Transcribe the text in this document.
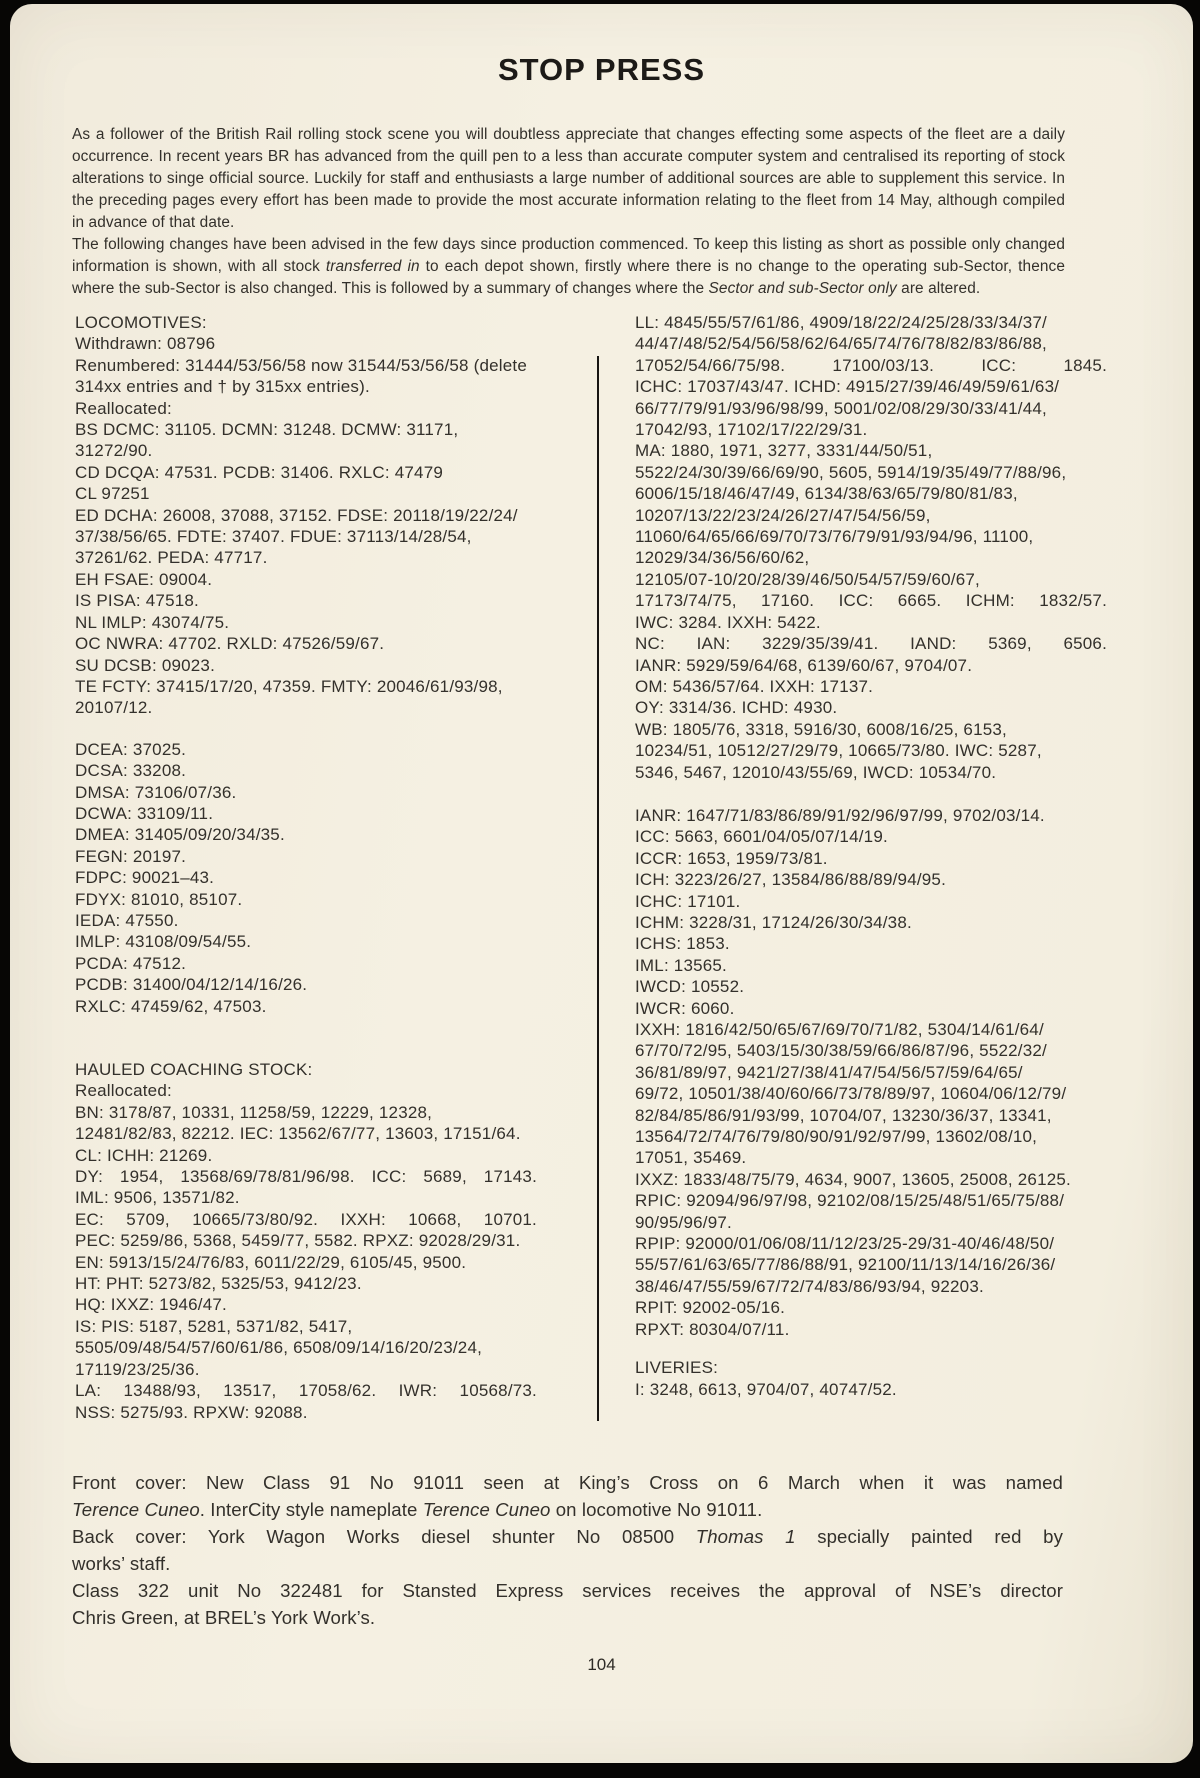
STOP PRESS

As a follower of the British Rail rolling stock scene you will doubtless appreciate that changes effecting some aspects of the fleet are a daily occurrence. In recent years BR has advanced from the quill pen to a less than accurate computer system and centralised its reporting of stock alterations to singe official source. Luckily for staff and enthusiasts a large number of additional sources are able to supplement this service. In the preceding pages every effort has been made to provide the most accurate information relating to the fleet from 14 May, although compiled in advance of that date.

The following changes have been advised in the few days since production commenced. To keep this listing as short as possible only changed information is shown, with all stock transferred in to each depot shown, firstly where there is no change to the operating sub-Sector, thence where the sub-Sector is also changed. This is followed by a summary of changes where the Sector and sub-Sector only are altered.

LOCOMOTIVES:
Withdrawn: 08796
Renumbered: 31444/53/56/58 now 31544/53/56/58 (delete
314xx entries and † by 315xx entries).
Reallocated:
BS DCMC: 31105. DCMN: 31248. DCMW: 31171,
31272/90.
CD DCQA: 47531. PCDB: 31406. RXLC: 47479
CL 97251
ED DCHA: 26008, 37088, 37152. FDSE: 20118/19/22/24/
37/38/56/65. FDTE: 37407. FDUE: 37113/14/28/54,
37261/62. PEDA: 47717.
EH FSAE: 09004.
IS PISA: 47518.
NL IMLP: 43074/75.
OC NWRA: 47702. RXLD: 47526/59/67.
SU DCSB: 09023.
TE FCTY: 37415/17/20, 47359. FMTY: 20046/61/93/98,
20107/12.
DCEA: 37025.
DCSA: 33208.
DMSA: 73106/07/36.
DCWA: 33109/11.
DMEA: 31405/09/20/34/35.
FEGN: 20197.
FDPC: 90021–43.
FDYX: 81010, 85107.
IEDA: 47550.
IMLP: 43108/09/54/55.
PCDA: 47512.
PCDB: 31400/04/12/14/16/26.
RXLC: 47459/62, 47503.
HAULED COACHING STOCK:
Reallocated:
BN: 3178/87, 10331, 11258/59, 12229, 12328,
12481/82/83, 82212. IEC: 13562/67/77, 13603, 17151/64.
CL: ICHH: 21269.
DY: 1954, 13568/69/78/81/96/98. ICC: 5689, 17143.
IML: 9506, 13571/82.
EC: 5709, 10665/73/80/92. IXXH: 10668, 10701.
PEC: 5259/86, 5368, 5459/77, 5582. RPXZ: 92028/29/31.
EN: 5913/15/24/76/83, 6011/22/29, 6105/45, 9500.
HT: PHT: 5273/82, 5325/53, 9412/23.
HQ: IXXZ: 1946/47.
IS: PIS: 5187, 5281, 5371/82, 5417,
5505/09/48/54/57/60/61/86, 6508/09/14/16/20/23/24,
17119/23/25/36.
LA: 13488/93, 13517, 17058/62. IWR: 10568/73.
NSS: 5275/93. RPXW: 92088.
LL: 4845/55/57/61/86, 4909/18/22/24/25/28/33/34/37/
44/47/48/52/54/56/58/62/64/65/74/76/78/82/83/86/88,
17052/54/66/75/98. 17100/03/13. ICC: 1845.
ICHC: 17037/43/47. ICHD: 4915/27/39/46/49/59/61/63/
66/77/79/91/93/96/98/99, 5001/02/08/29/30/33/41/44,
17042/93, 17102/17/22/29/31.
MA: 1880, 1971, 3277, 3331/44/50/51,
5522/24/30/39/66/69/90, 5605, 5914/19/35/49/77/88/96,
6006/15/18/46/47/49, 6134/38/63/65/79/80/81/83,
10207/13/22/23/24/26/27/47/54/56/59,
11060/64/65/66/69/70/73/76/79/91/93/94/96, 11100,
12029/34/36/56/60/62,
12105/07-10/20/28/39/46/50/54/57/59/60/67,
17173/74/75, 17160. ICC: 6665. ICHM: 1832/57.
IWC: 3284. IXXH: 5422.
NC: IAN: 3229/35/39/41. IAND: 5369, 6506.
IANR: 5929/59/64/68, 6139/60/67, 9704/07.
OM: 5436/57/64. IXXH: 17137.
OY: 3314/36. ICHD: 4930.
WB: 1805/76, 3318, 5916/30, 6008/16/25, 6153,
10234/51, 10512/27/29/79, 10665/73/80. IWC: 5287,
5346, 5467, 12010/43/55/69, IWCD: 10534/70.
IANR: 1647/71/83/86/89/91/92/96/97/99, 9702/03/14.
ICC: 5663, 6601/04/05/07/14/19.
ICCR: 1653, 1959/73/81.
ICH: 3223/26/27, 13584/86/88/89/94/95.
ICHC: 17101.
ICHM: 3228/31, 17124/26/30/34/38.
ICHS: 1853.
IML: 13565.
IWCD: 10552.
IWCR: 6060.
IXXH: 1816/42/50/65/67/69/70/71/82, 5304/14/61/64/
67/70/72/95, 5403/15/30/38/59/66/86/87/96, 5522/32/
36/81/89/97, 9421/27/38/41/47/54/56/57/59/64/65/
69/72, 10501/38/40/60/66/73/78/89/97, 10604/06/12/79/
82/84/85/86/91/93/99, 10704/07, 13230/36/37, 13341,
13564/72/74/76/79/80/90/91/92/97/99, 13602/08/10,
17051, 35469.
IXXZ: 1833/48/75/79, 4634, 9007, 13605, 25008, 26125.
RPIC: 92094/96/97/98, 92102/08/15/25/48/51/65/75/88/
90/95/96/97.
RPIP: 92000/01/06/08/11/12/23/25-29/31-40/46/48/50/
55/57/61/63/65/77/86/88/91, 92100/11/13/14/16/26/36/
38/46/47/55/59/67/72/74/83/86/93/94, 92203.
RPIT: 92002-05/16.
RPXT: 80304/07/11.
LIVERIES:
I: 3248, 6613, 9704/07, 40747/52.

Front cover: New Class 91 No 91011 seen at King’s Cross on 6 March when it was named
Terence Cuneo. InterCity style nameplate Terence Cuneo on locomotive No 91011.

Back cover: York Wagon Works diesel shunter No 08500 Thomas 1 specially painted red by
works’ staff.

Class 322 unit No 322481 for Stansted Express services receives the approval of NSE’s director
Chris Green, at BREL’s York Work’s.

104
